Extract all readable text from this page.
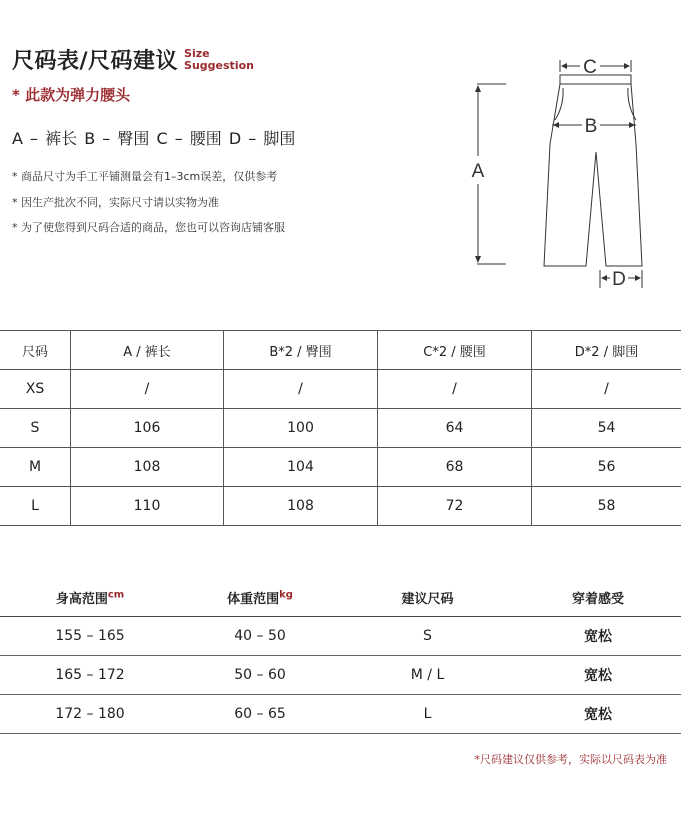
尺码表/尺码建议 Size
Suggestion
* 此款为弹力腰头
A – 裤长 B – 臀围 C – 腰围 D – 脚围
* 商品尺寸为手工平铺测量会有1–3cm误差，仅供参考
* 因生产批次不同，实际尺寸请以实物为准
* 为了使您得到尺码合适的商品，您也可以咨询店铺客服
A
C
B
D
尺码	A / 裤长	B*2 / 臀围	C*2 / 腰围	D*2 / 脚围
XS	/	/	/	/
S	106	100	64	54
M	108	104	68	56
L	110	108	72	58
身高范围$^{cm}$	体重范围$^{kg}$	建议尺码	穿着感受
155 – 165	40 – 50	S	宽松
165 – 172	50 – 60	M / L	宽松
172 – 180	60 – 65	L	宽松
*尺码建议仅供参考，实际以尺码表为准
